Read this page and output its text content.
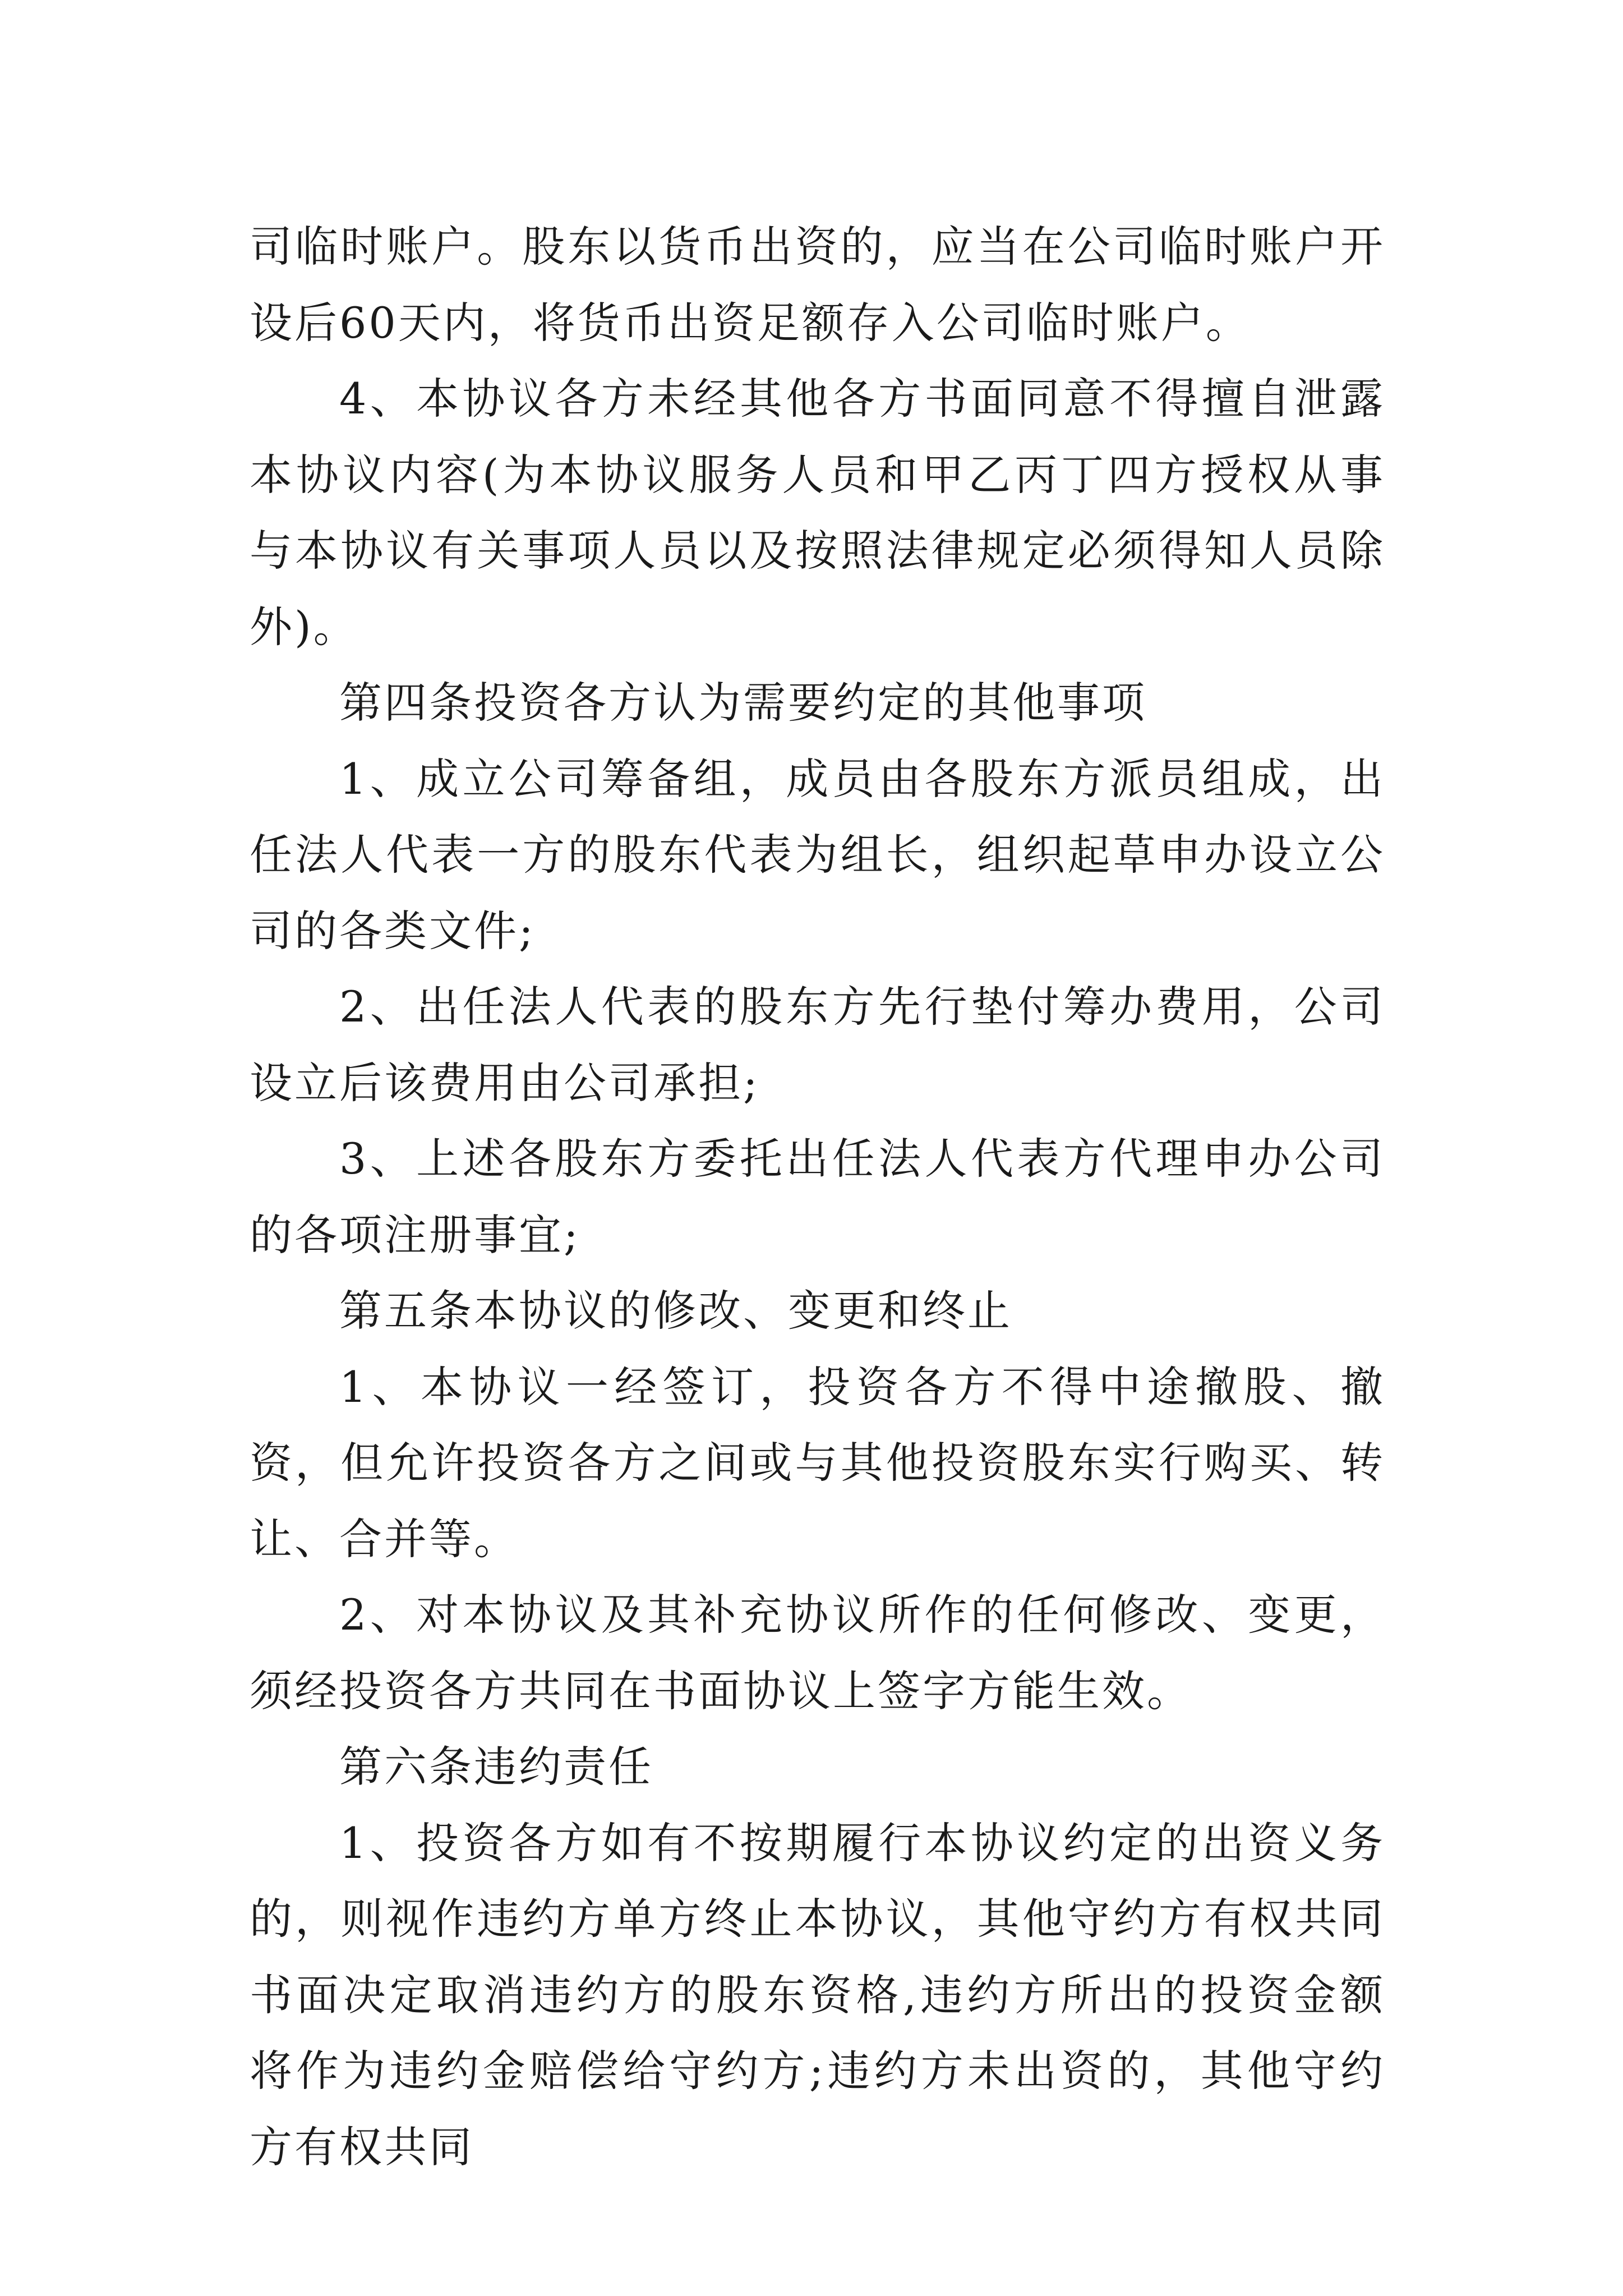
司临时账户。股东以货币出资的，应当在公司临时账户开设后60天内，将货币出资足额存入公司临时账户。

4、本协议各方未经其他各方书面同意不得擅自泄露本协议内容(为本协议服务人员和甲乙丙丁四方授权从事与本协议有关事项人员以及按照法律规定必须得知人员除外)。

第四条投资各方认为需要约定的其他事项

1、成立公司筹备组，成员由各股东方派员组成，出任法人代表一方的股东代表为组长，组织起草申办设立公司的各类文件;

2、出任法人代表的股东方先行垫付筹办费用，公司设立后该费用由公司承担;

3、上述各股东方委托出任法人代表方代理申办公司的各项注册事宜;

第五条本协议的修改、变更和终止

1、本协议一经签订，投资各方不得中途撤股、撤资，但允许投资各方之间或与其他投资股东实行购买、转让、合并等。

2、对本协议及其补充协议所作的任何修改、变更，须经投资各方共同在书面协议上签字方能生效。

第六条违约责任

1、投资各方如有不按期履行本协议约定的出资义务的，则视作违约方单方终止本协议，其他守约方有权共同书面决定取消违约方的股东资格,违约方所出的投资金额将作为违约金赔偿给守约方;违约方未出资的，其他守约方有权共同
